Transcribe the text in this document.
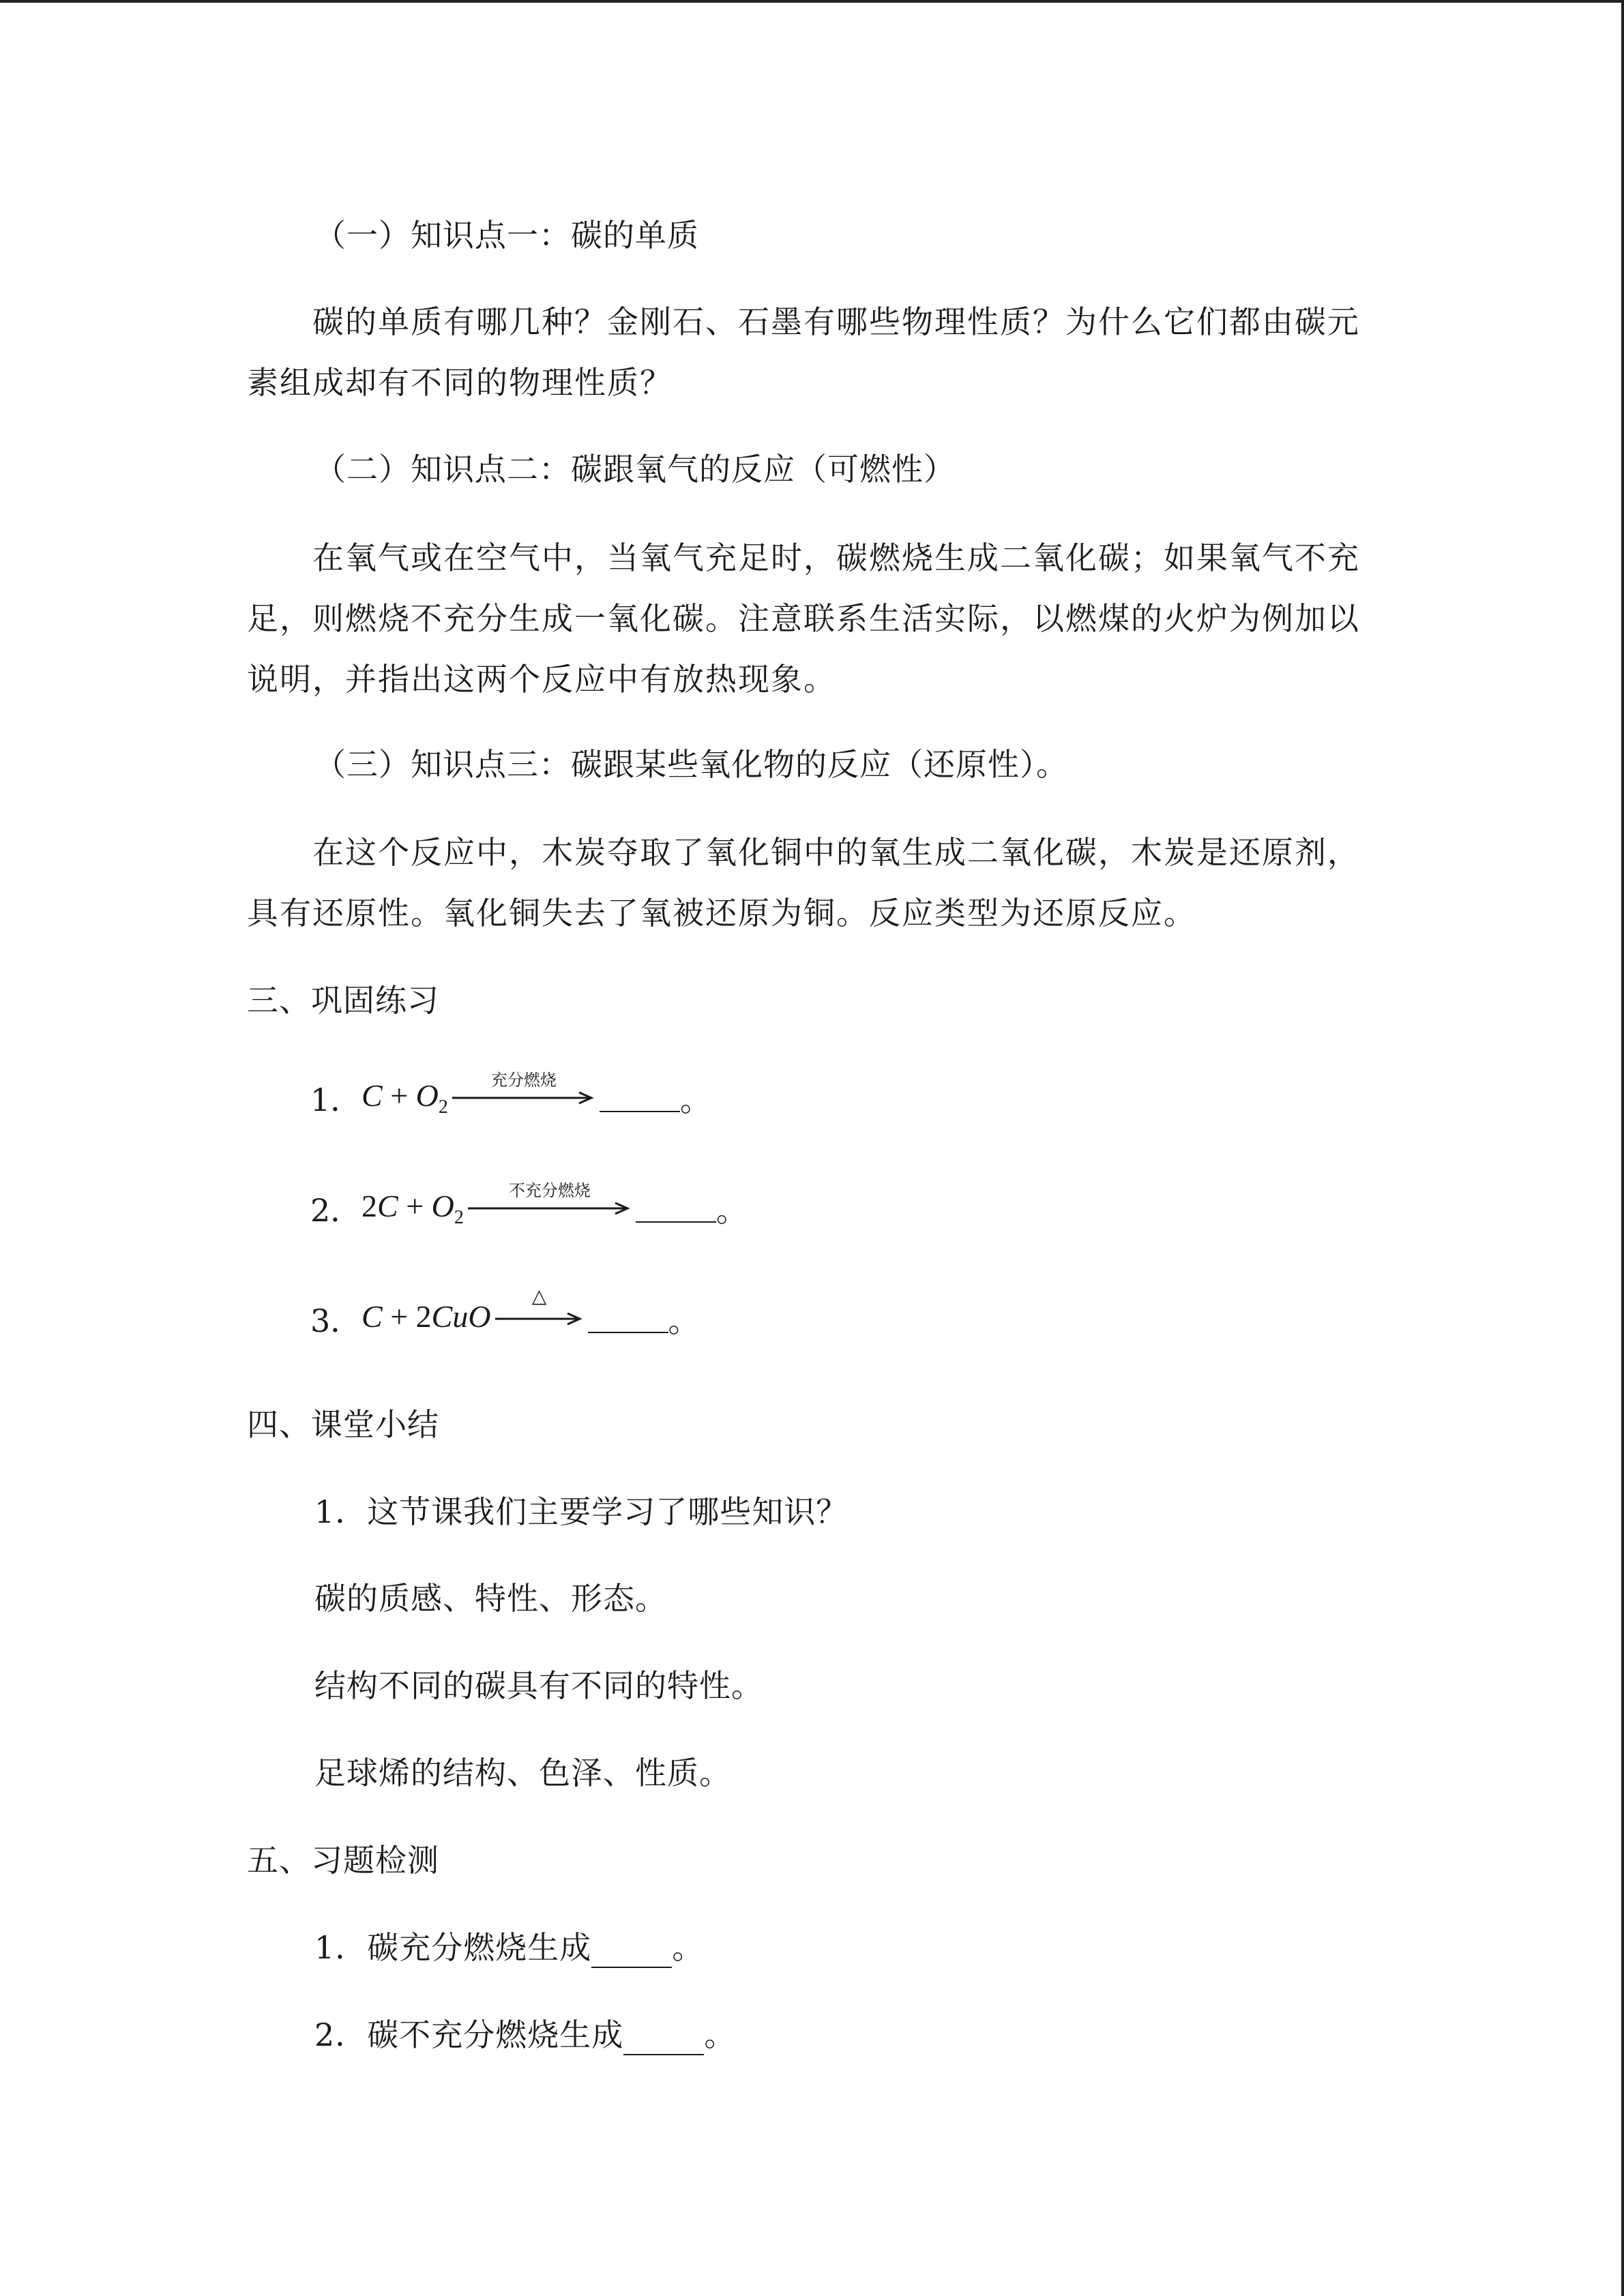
（一）知识点一：碳的单质

碳的单质有哪几种？金刚石、石墨有哪些物理性质？为什么它们都由碳元素组成却有不同的物理性质？

（二）知识点二：碳跟氧气的反应（可燃性）

在氧气或在空气中，当氧气充足时，碳燃烧生成二氧化碳；如果氧气不充足，则燃烧不充分生成一氧化碳。注意联系生活实际，以燃煤的火炉为例加以说明，并指出这两个反应中有放热现象。

（三）知识点三：碳跟某些氧化物的反应（还原性）。

在这个反应中，木炭夺取了氧化铜中的氧生成二氧化碳，木炭是还原剂，具有还原性。氧化铜失去了氧被还原为铜。反应类型为还原反应。

三、巩固练习
1． $C + O_2$
充分燃烧
。
2． $2C + O_2$
不充分燃烧
。
3． C + 2CuO
△
。
四、课堂小结
1．这节课我们主要学习了哪些知识？
碳的质感、特性、形态。
结构不同的碳具有不同的特性。
足球烯的结构、色泽、性质。
五、习题检测
1．碳充分燃烧生成	。
2．碳不充分燃烧生成	。
